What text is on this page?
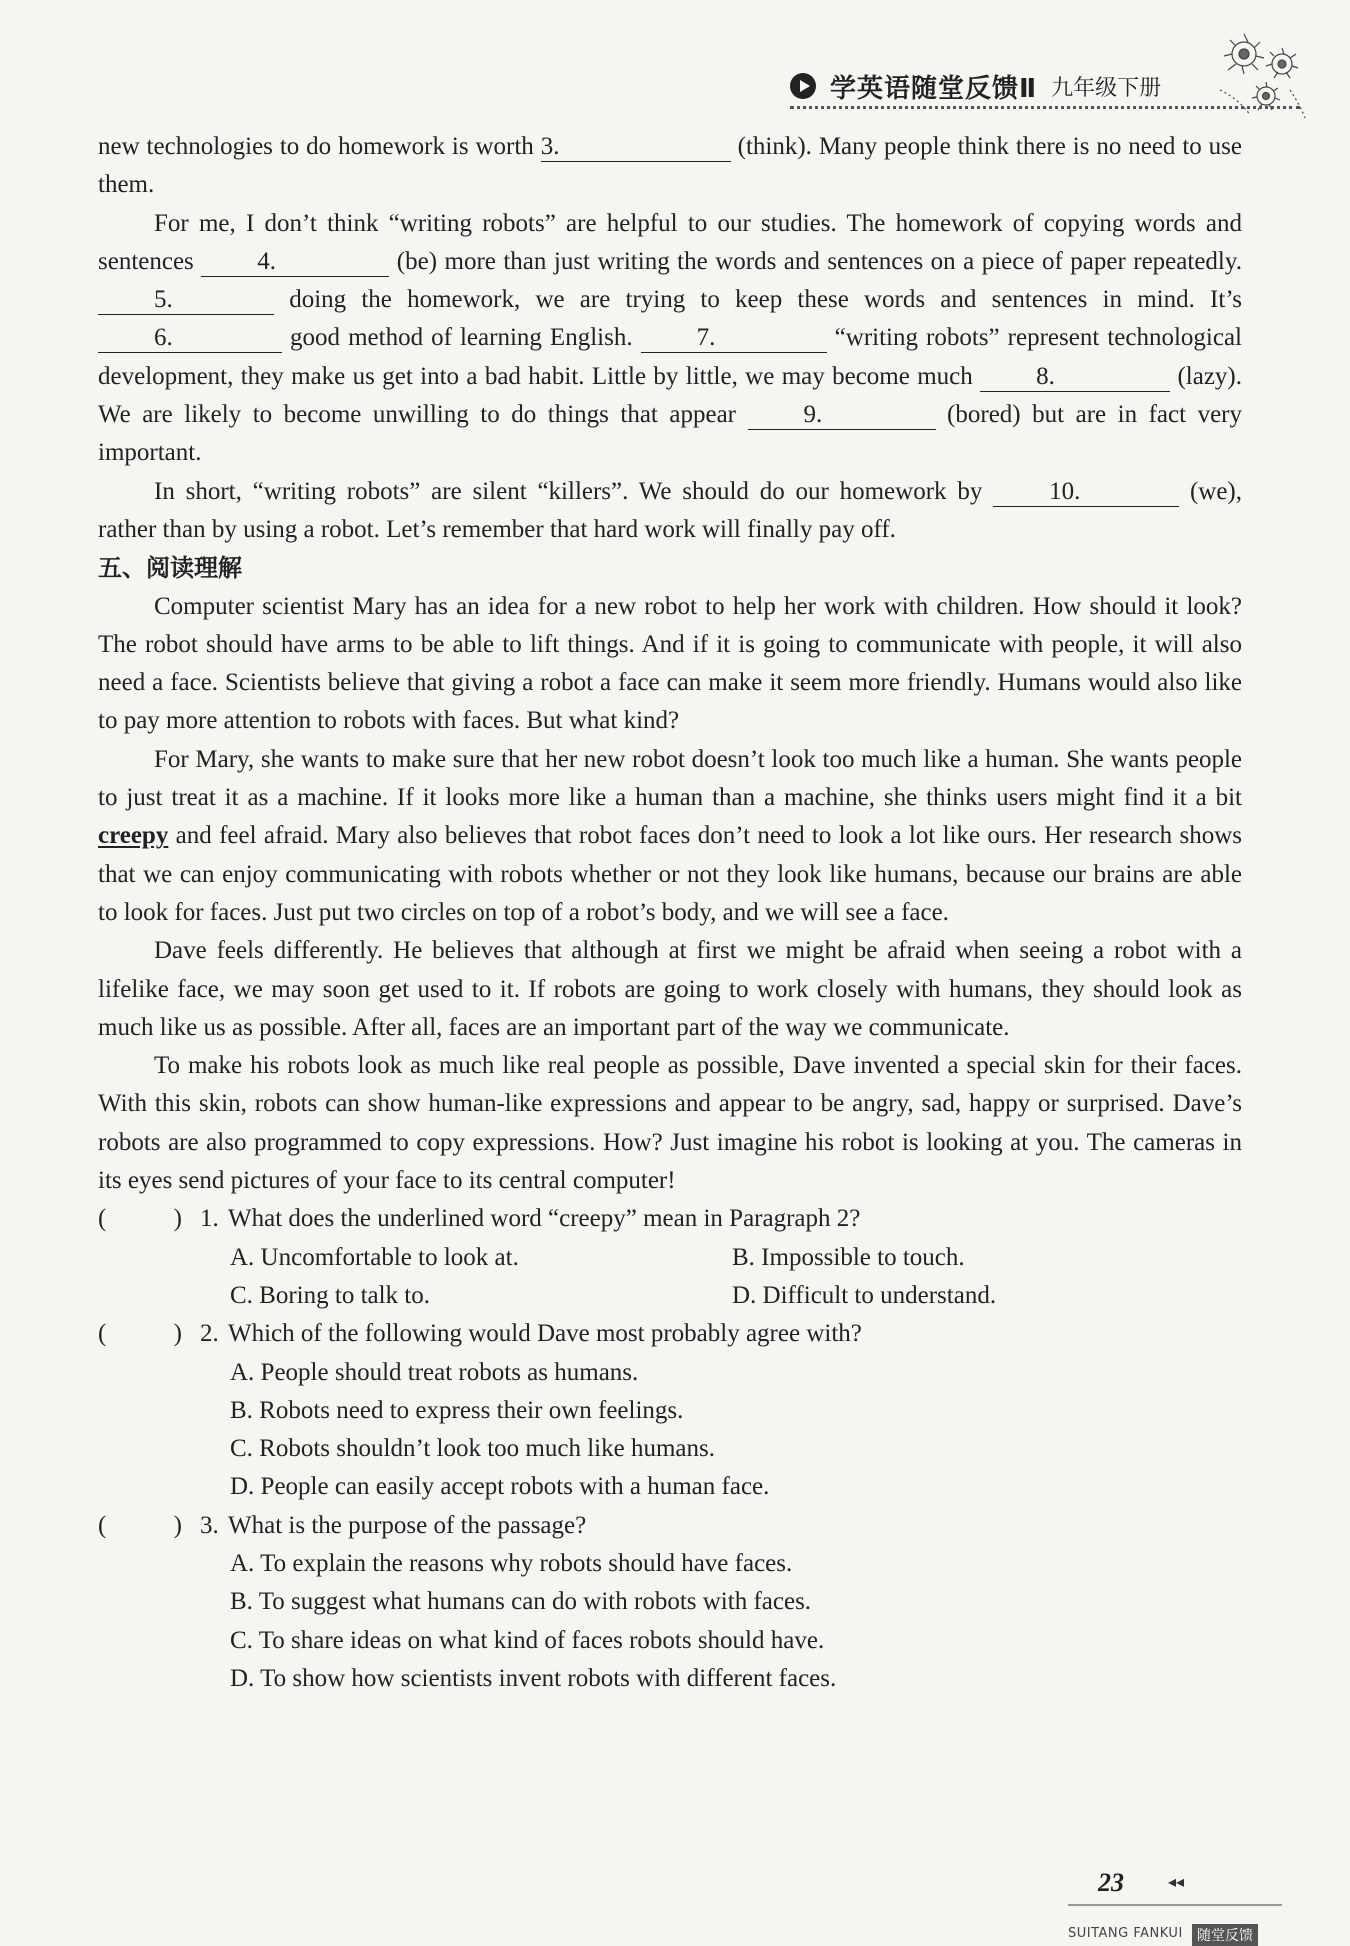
学英语随堂反馈Ⅱ 九年级下册

new technologies to do homework is worth 3.	(think). Many people think there is no need to use them.

For me, I don’t think “writing robots” are helpful to our studies. The homework of copying words and sentences 4.	(be) more than just writing the words and sentences on a piece of paper repeatedly. 5.	doing the homework, we are trying to keep these words and sentences in mind. It’s 6.	good method of learning English. 7.	“writing robots” represent technological development, they make us get into a bad habit. Little by little, we may become much 8.	(lazy). We are likely to become unwilling to do things that appear 9.	(bored) but are in fact very important.

In short, “writing robots” are silent “killers”. We should do our homework by 10.	(we), rather than by using a robot. Let’s remember that hard work will finally pay off.

五、阅读理解

Computer scientist Mary has an idea for a new robot to help her work with children. How should it look? The robot should have arms to be able to lift things. And if it is going to communicate with people, it will also need a face. Scientists believe that giving a robot a face can make it seem more friendly. Humans would also like to pay more attention to robots with faces. But what kind?

For Mary, she wants to make sure that her new robot doesn’t look too much like a human. She wants people to just treat it as a machine. If it looks more like a human than a machine, she thinks users might find it a bit creepy and feel afraid. Mary also believes that robot faces don’t need to look a lot like ours. Her research shows that we can enjoy communicating with robots whether or not they look like humans, because our brains are able to look for faces. Just put two circles on top of a robot’s body, and we will see a face.

Dave feels differently. He believes that although at first we might be afraid when seeing a robot with a lifelike face, we may soon get used to it. If robots are going to work closely with humans, they should look as much like us as possible. After all, faces are an important part of the way we communicate.

To make his robots look as much like real people as possible, Dave invented a special skin for their faces. With this skin, robots can show human-like expressions and appear to be angry, sad, happy or surprised. Dave’s robots are also programmed to copy expressions. How? Just imagine his robot is looking at you. The cameras in its eyes send pictures of your face to its central computer!

(	) 1. What does the underlined word “creepy” mean in Paragraph 2?

A. Uncomfortable to look at.	B. Impossible to touch.
C. Boring to talk to.	D. Difficult to understand.

(	) 2. Which of the following would Dave most probably agree with?

A. People should treat robots as humans.
B. Robots need to express their own feelings.
C. Robots shouldn’t look too much like humans.
D. People can easily accept robots with a human face.

(	) 3. What is the purpose of the passage?

A. To explain the reasons why robots should have faces.
B. To suggest what humans can do with robots with faces.
C. To share ideas on what kind of faces robots should have.
D. To show how scientists invent robots with different faces.
23	◂◂
SUITANG FANKUI	随堂反馈
